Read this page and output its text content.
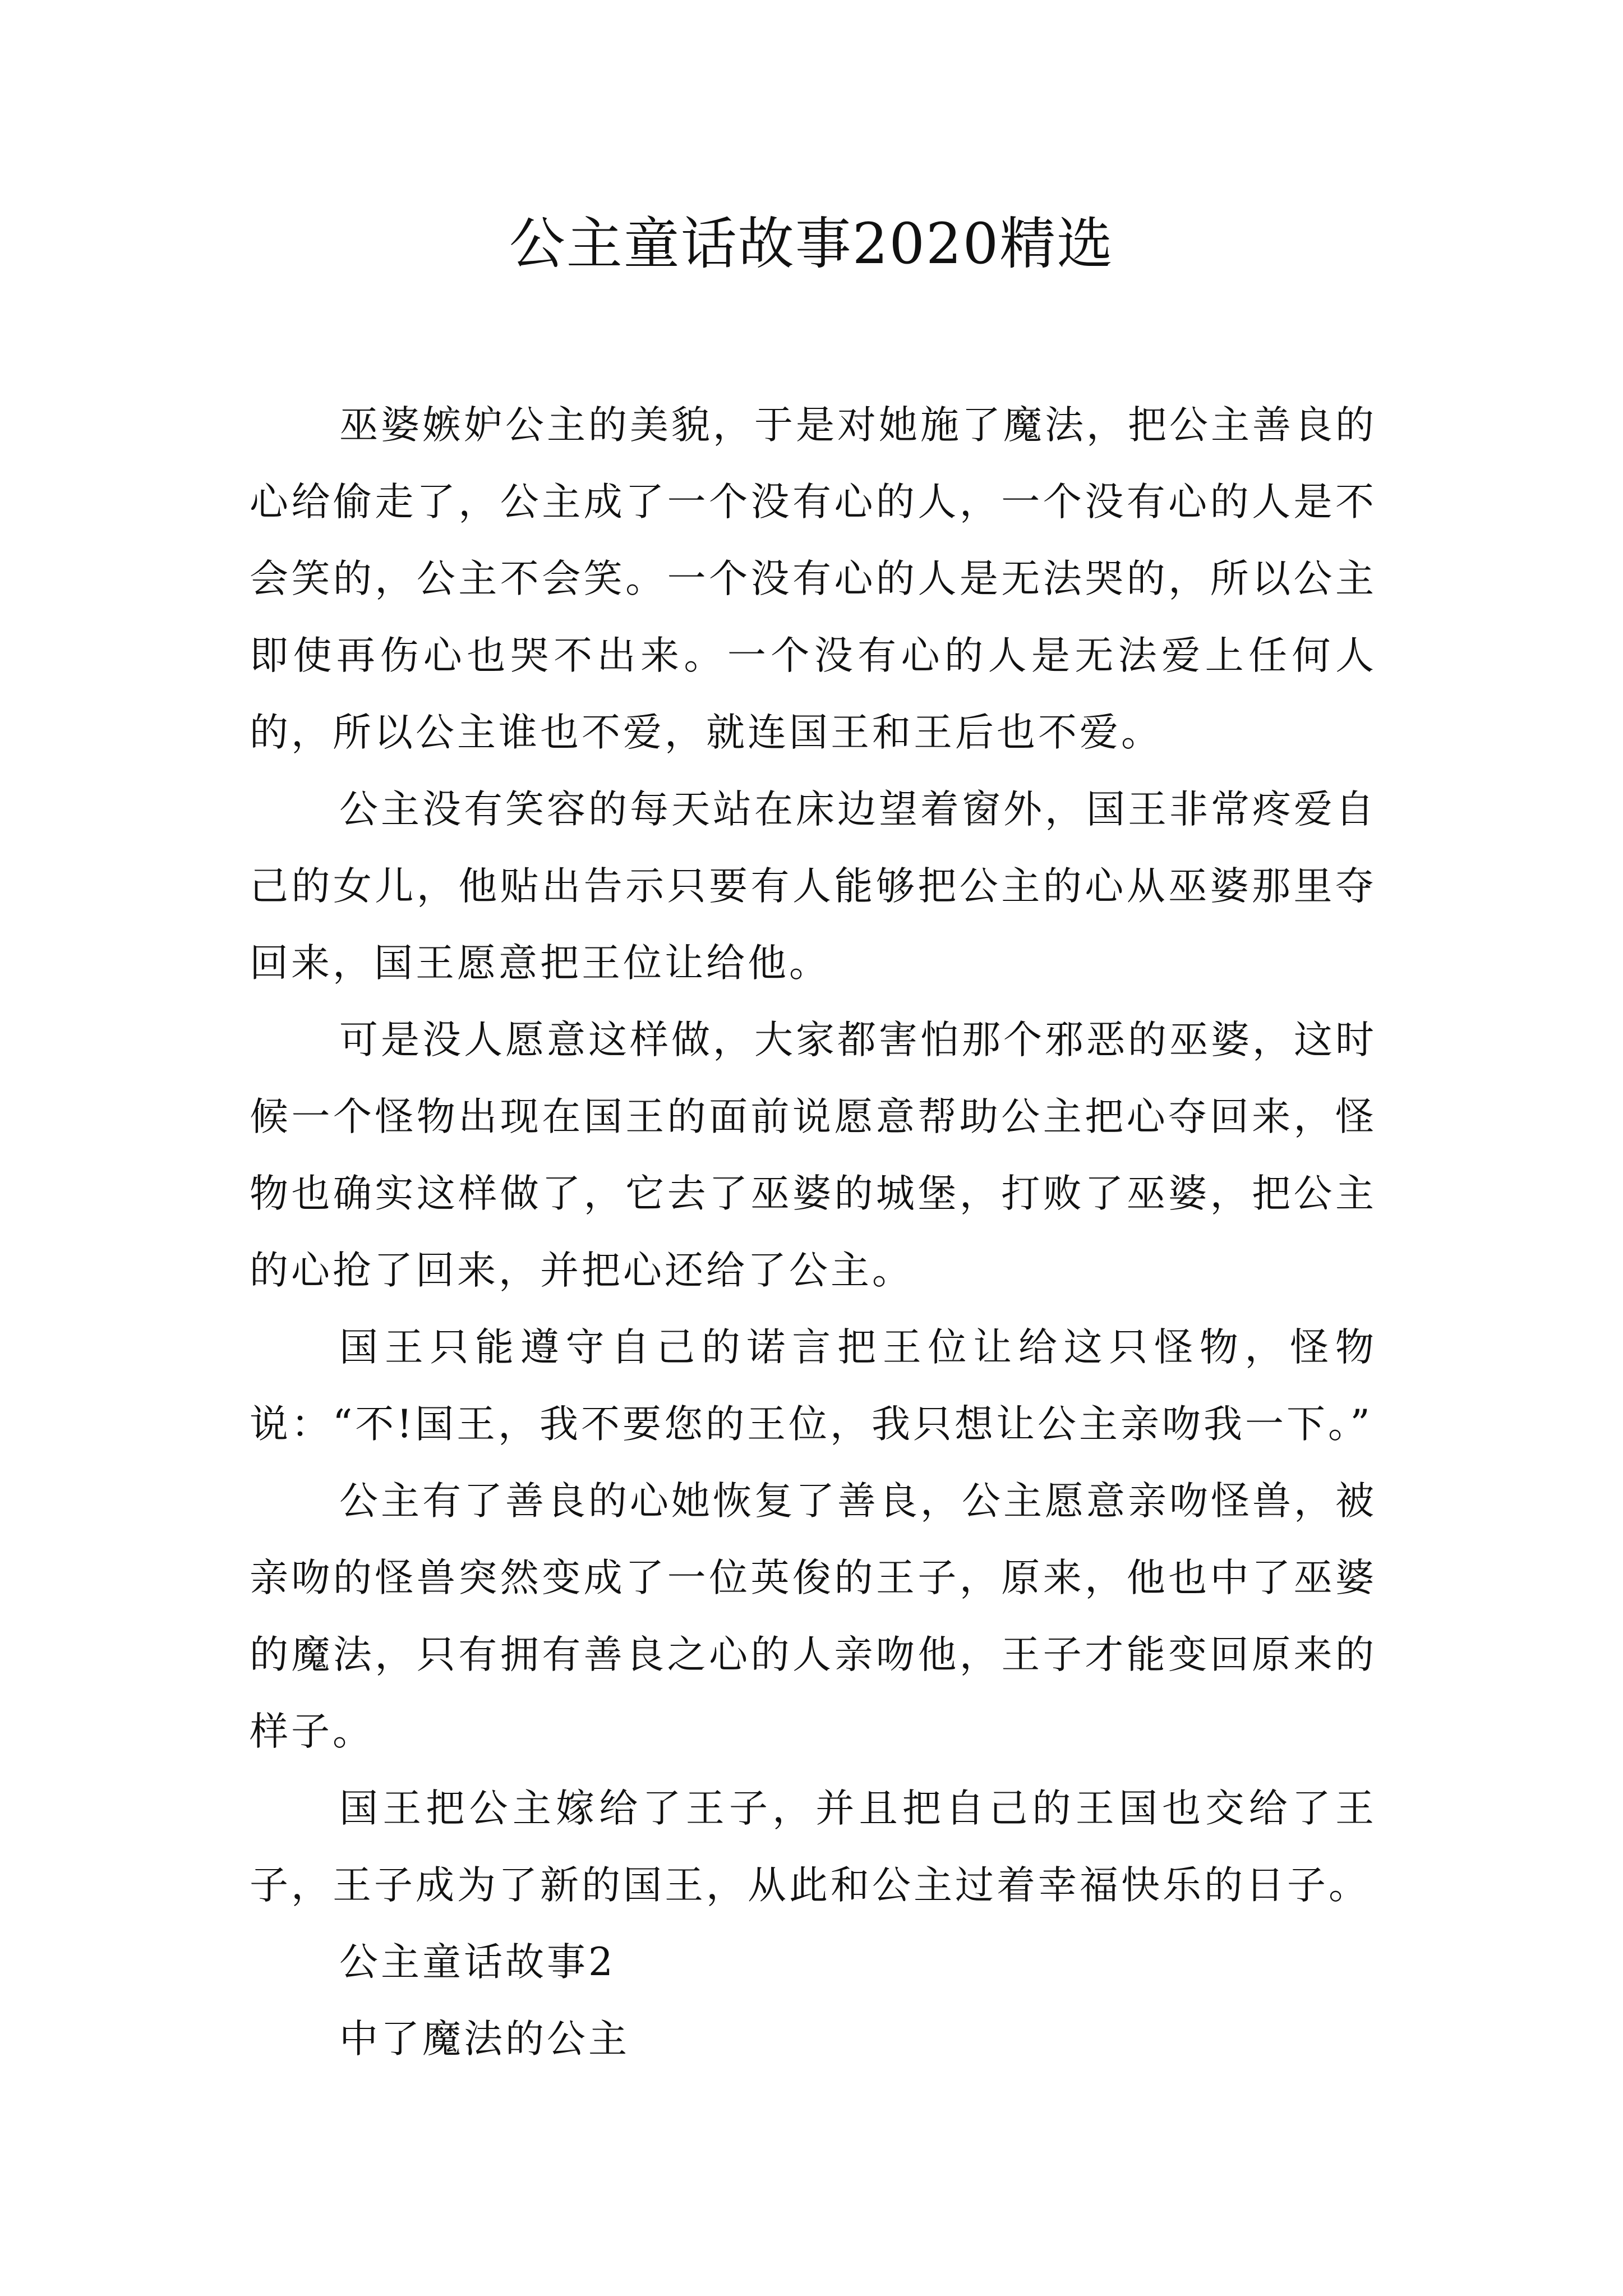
公主童话故事2020精选

巫婆嫉妒公主的美貌，于是对她施了魔法，把公主善良的心给偷走了，公主成了一个没有心的人，一个没有心的人是不会笑的，公主不会笑。一个没有心的人是无法哭的，所以公主即使再伤心也哭不出来。一个没有心的人是无法爱上任何人的，所以公主谁也不爱，就连国王和王后也不爱。

公主没有笑容的每天站在床边望着窗外，国王非常疼爱自己的女儿，他贴出告示只要有人能够把公主的心从巫婆那里夺回来，国王愿意把王位让给他。

可是没人愿意这样做，大家都害怕那个邪恶的巫婆，这时候一个怪物出现在国王的面前说愿意帮助公主把心夺回来，怪物也确实这样做了，它去了巫婆的城堡，打败了巫婆，把公主的心抢了回来，并把心还给了公主。

国王只能遵守自己的诺言把王位让给这只怪物，怪物说：“不!国王，我不要您的王位，我只想让公主亲吻我一下。”

公主有了善良的心她恢复了善良，公主愿意亲吻怪兽，被亲吻的怪兽突然变成了一位英俊的王子，原来，他也中了巫婆的魔法，只有拥有善良之心的人亲吻他，王子才能变回原来的样子。

国王把公主嫁给了王子，并且把自己的王国也交给了王子，王子成为了新的国王，从此和公主过着幸福快乐的日子。

公主童话故事2

中了魔法的公主
